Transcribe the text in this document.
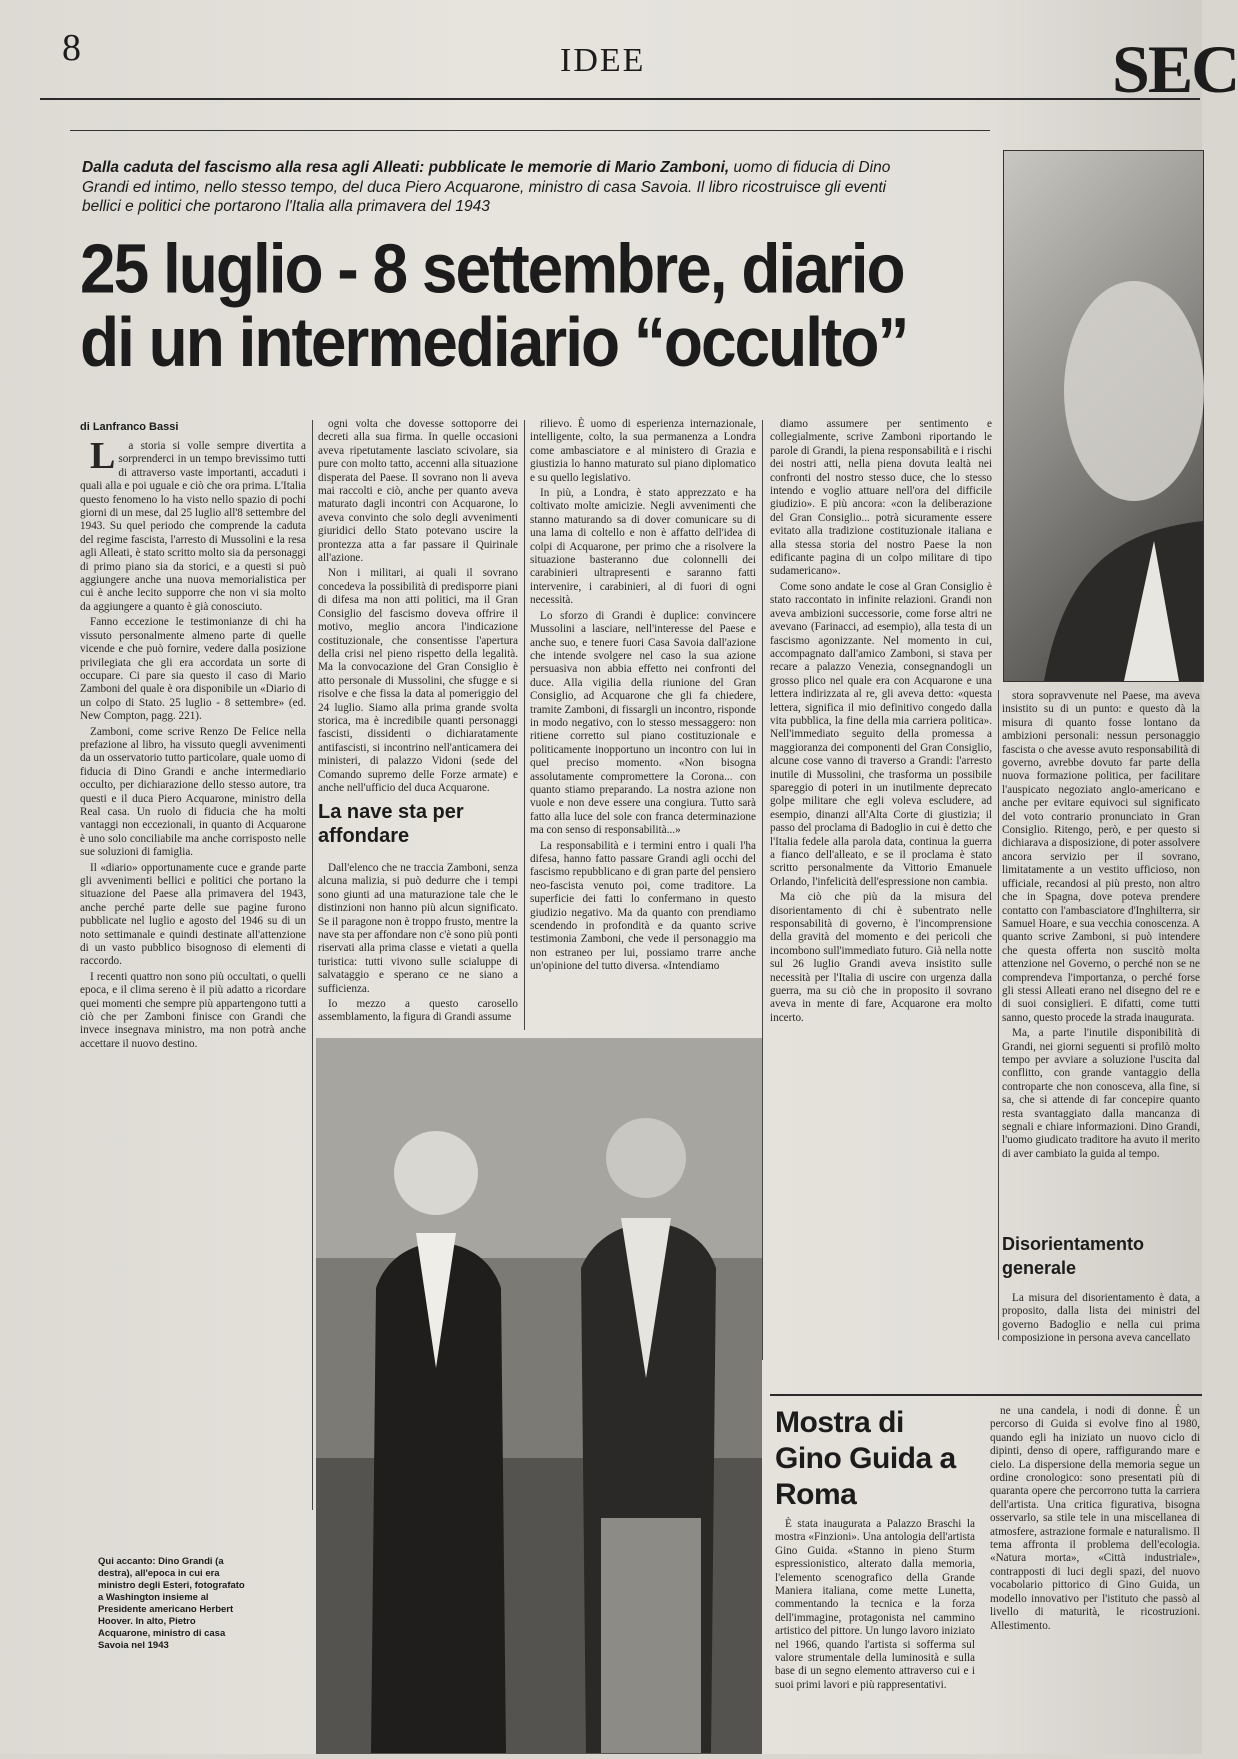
8	IDEE	SEC
Dalla caduta del fascismo alla resa agli Alleati: pubblicate le memorie di Mario Zamboni, uomo di fiducia di Dino Grandi ed intimo, nello stesso tempo, del duca Piero Acquarone, ministro di casa Savoia. Il libro ricostruisce gli eventi bellici e politici che portarono l'Italia alla primavera del 1943
25 luglio - 8 settembre, diario
di un intermediario “occulto”
di Lanfranco Bassi

La storia si volle sempre divertita a sorprenderci in un tempo brevissimo tutti di attraverso vaste importanti, accaduti i quali alla e poi uguale e ciò che ora prima. L'Italia questo fenomeno lo ha visto nello spazio di pochi giorni di un mese, dal 25 luglio all'8 settembre del 1943. Su quel periodo che comprende la caduta del regime fascista, l'arresto di Mussolini e la resa agli Alleati, è stato scritto molto sia da personaggi di primo piano sia da storici, e a questi si può aggiungere anche una nuova memorialistica per cui è anche lecito supporre che non vi sia molto da aggiungere a quanto è già conosciuto.

Fanno eccezione le testimonianze di chi ha vissuto personalmente almeno parte di quelle vicende e che può fornire, vedere dalla posizione privilegiata che gli era accordata un sorte di occupare. Ci pare sia questo il caso di Mario Zamboni del quale è ora disponibile un «Diario di un colpo di Stato. 25 luglio - 8 settembre» (ed. New Compton, pagg. 221).

Zamboni, come scrive Renzo De Felice nella prefazione al libro, ha vissuto quegli avvenimenti da un osservatorio tutto particolare, quale uomo di fiducia di Dino Grandi e anche intermediario occulto, per dichiarazione dello stesso autore, tra questi e il duca Piero Acquarone, ministro della Real casa. Un ruolo di fiducia che ha molti vantaggi non eccezionali, in quanto di Acquarone è uno solo conciliabile ma anche corrisposto nelle sue soluzioni di famiglia.

Il «diario» opportunamente cuce e grande parte gli avvenimenti bellici e politici che portano la situazione del Paese alla primavera del 1943, anche perché parte delle sue pagine furono pubblicate nel luglio e agosto del 1946 su di un noto settimanale e quindi destinate all'attenzione di un vasto pubblico bisognoso di elementi di raccordo.

I recenti quattro non sono più occultati, o quelli epoca, e il clima sereno è il più adatto a ricordare quei momenti che sempre più appartengono tutti a ciò che per Zamboni finisce con Grandi che invece insegnava ministro, ma non potrà anche accettare il nuovo destino.

ogni volta che dovesse sottoporre dei decreti alla sua firma. In quelle occasioni aveva ripetutamente lasciato scivolare, sia pure con molto tatto, accenni alla situazione disperata del Paese. Il sovrano non li aveva mai raccolti e ciò, anche per quanto aveva maturato dagli incontri con Acquarone, lo aveva convinto che solo degli avvenimenti giuridici dello Stato potevano uscire la prontezza atta a far passare il Quirinale all'azione.

Non i militari, ai quali il sovrano concedeva la possibilità di predisporre piani di difesa ma non atti politici, ma il Gran Consiglio del fascismo doveva offrire il motivo, meglio ancora l'indicazione costituzionale, che consentisse l'apertura della crisi nel pieno rispetto della legalità. Ma la convocazione del Gran Consiglio è atto personale di Mussolini, che sfugge e si risolve e che fissa la data al pomeriggio del 24 luglio. Siamo alla prima grande svolta storica, ma è incredibile quanti personaggi fascisti, dissidenti o dichiaratamente antifascisti, si incontrino nell'anticamera dei ministeri, di palazzo Vidoni (sede del Comando supremo delle Forze armate) e anche nell'ufficio del duca Acquarone.

La nave sta per affondare

Dall'elenco che ne traccia Zamboni, senza alcuna malizia, si può dedurre che i tempi sono giunti ad una maturazione tale che le distinzioni non hanno più alcun significato. Se il paragone non è troppo frusto, mentre la nave sta per affondare non c'è sono più ponti riservati alla prima classe e vietati a quella turistica: tutti vivono sulle scialuppe di salvataggio e sperano ce ne siano a sufficienza.

Io mezzo a questo carosello assemblamento, la figura di Grandi assume

rilievo. È uomo di esperienza internazionale, intelligente, colto, la sua permanenza a Londra come ambasciatore e al ministero di Grazia e giustizia lo hanno maturato sul piano diplomatico e su quello legislativo.

In più, a Londra, è stato apprezzato e ha coltivato molte amicizie. Negli avvenimenti che stanno maturando sa di dover comunicare su di una lama di coltello e non è affatto dell'idea di colpi di Acquarone, per primo che a risolvere la situazione basteranno due colonnelli dei carabinieri ultrapresenti e saranno fatti intervenire, i carabinieri, al di fuori di ogni necessità.

Lo sforzo di Grandi è duplice: convincere Mussolini a lasciare, nell'interesse del Paese e anche suo, e tenere fuori Casa Savoia dall'azione che intende svolgere nel caso la sua azione persuasiva non abbia effetto nei confronti del duce. Alla vigilia della riunione del Gran Consiglio, ad Acquarone che gli fa chiedere, tramite Zamboni, di fissargli un incontro, risponde in modo negativo, con lo stesso messaggero: non ritiene corretto sul piano costituzionale e politicamente inopportuno un incontro con lui in quel preciso momento. «Non bisogna assolutamente compromettere la Corona... con quanto stiamo preparando. La nostra azione non vuole e non deve essere una congiura. Tutto sarà fatto alla luce del sole con franca determinazione ma con senso di responsabilità...»

La responsabilità e i termini entro i quali l'ha difesa, hanno fatto passare Grandi agli occhi del fascismo repubblicano e di gran parte del pensiero neo-fascista venuto poi, come traditore. La superficie dei fatti lo confermano in questo giudizio negativo. Ma da quanto con prendiamo scendendo in profondità e da quanto scrive testimonia Zamboni, che vede il personaggio ma non estraneo per lui, possiamo trarre anche un'opinione del tutto diversa. «Intendiamo

diamo assumere per sentimento e collegialmente, scrive Zamboni riportando le parole di Grandi, la piena responsabilità e i rischi dei nostri atti, nella piena dovuta lealtà nei confronti del nostro stesso duce, che lo stesso intendo e voglio attuare nell'ora del difficile giudizio». E più ancora: «con la deliberazione del Gran Consiglio... potrà sicuramente essere evitato alla tradizione costituzionale italiana e alla stessa storia del nostro Paese la non edificante pagina di un colpo militare di tipo sudamericano».

Come sono andate le cose al Gran Consiglio è stato raccontato in infinite relazioni. Grandi non aveva ambizioni successorie, come forse altri ne avevano (Farinacci, ad esempio), alla testa di un fascismo agonizzante. Nel momento in cui, accompagnato dall'amico Zamboni, si stava per recare a palazzo Venezia, consegnandogli un grosso plico nel quale era con Acquarone e una lettera indirizzata al re, gli aveva detto: «questa lettera, significa il mio definitivo congedo dalla vita pubblica, la fine della mia carriera politica». Nell'immediato seguito della promessa a maggioranza dei componenti del Gran Consiglio, alcune cose vanno di traverso a Grandi: l'arresto inutile di Mussolini, che trasforma un possibile spareggio di poteri in un inutilmente deprecato golpe militare che egli voleva escludere, ad esempio, dinanzi all'Alta Corte di giustizia; il passo del proclama di Badoglio in cui è detto che l'Italia fedele alla parola data, continua la guerra a fianco dell'alleato, e se il proclama è stato scritto personalmente da Vittorio Emanuele Orlando, l'infelicità dell'espressione non cambia.

Ma ciò che più da la misura del disorientamento di chi è subentrato nelle responsabilità di governo, è l'incomprensione della gravità del momento e dei pericoli che incombono sull'immediato futuro. Già nella notte sul 26 luglio Grandi aveva insistito sulle necessità per l'Italia di uscire con urgenza dalla guerra, ma su ciò che in proposito il sovrano aveva in mente di fare, Acquarone era molto incerto.

stora sopravvenute nel Paese, ma aveva insistito su di un punto: e questo dà la misura di quanto fosse lontano da ambizioni personali: nessun personaggio fascista o che avesse avuto responsabilità di governo, avrebbe dovuto far parte della nuova formazione politica, per facilitare l'auspicato negoziato anglo-americano e anche per evitare equivoci sul significato del voto contrario pronunciato in Gran Consiglio. Ritengo, però, e per questo si dichiarava a disposizione, di poter assolvere ancora servizio per il sovrano, limitatamente a un vestito ufficioso, non ufficiale, recandosi al più presto, non altro che in Spagna, dove poteva prendere contatto con l'ambasciatore d'Inghilterra, sir Samuel Hoare, e sua vecchia conoscenza. A quanto scrive Zamboni, si può intendere che questa offerta non suscitò molta attenzione nel Governo, o perché non se ne comprendeva l'importanza, o perché forse gli stessi Alleati erano nel disegno del re e di suoi consiglieri. E difatti, come tutti sanno, questo procede la strada inaugurata.

Ma, a parte l'inutile disponibilità di Grandi, nei giorni seguenti si profilò molto tempo per avviare a soluzione l'uscita dal conflitto, con grande vantaggio della controparte che non conosceva, alla fine, si sa, che si attende di far concepire quanto resta svantaggiato dalla mancanza di segnali e chiare informazioni. Dino Grandi, l'uomo giudicato traditore ha avuto il merito di aver cambiato la guida al tempo.

Disorientamento generale

La misura del disorientamento è data, a proposito, dalla lista dei ministri del governo Badoglio e nella cui prima composizione in persona aveva cancellato

Qui accanto: Dino Grandi (a destra), all'epoca in cui era ministro degli Esteri, fotografato a Washington insieme al Presidente americano Herbert Hoover. In alto, Pietro Acquarone, ministro di casa Savoia nel 1943
Mostra di Gino Guida a Roma

È stata inaugurata a Palazzo Braschi la mostra «Finzioni». Una antologia dell'artista Gino Guida. «Stanno in pieno Sturm espressionistico, alterato dalla memoria, l'elemento scenografico della Grande Maniera italiana, come mette Lunetta, commentando la tecnica e la forza dell'immagine, protagonista nel cammino artistico del pittore. Un lungo lavoro iniziato nel 1966, quando l'artista si sofferma sul valore strumentale della luminosità e sulla base di un segno elemento attraverso cui e i suoi primi lavori e più rappresentativi.

ne una candela, i nodi di donne. È un percorso di Guida si evolve fino al 1980, quando egli ha iniziato un nuovo ciclo di dipinti, denso di opere, raffigurando mare e cielo. La dispersione della memoria segue un ordine cronologico: sono presentati più di quaranta opere che percorrono tutta la carriera dell'artista. Una critica figurativa, bisogna osservarlo, sa stile tele in una miscellanea di atmosfere, astrazione formale e naturalismo. Il tema affronta il problema dell'ecologia. «Natura morta», «Città industriale», contrapposti di luci degli spazi, del nuovo vocabolario pittorico di Gino Guida, un modello innovativo per l'istituto che passò al livello di maturità, le ricostruzioni. Allestimento.
